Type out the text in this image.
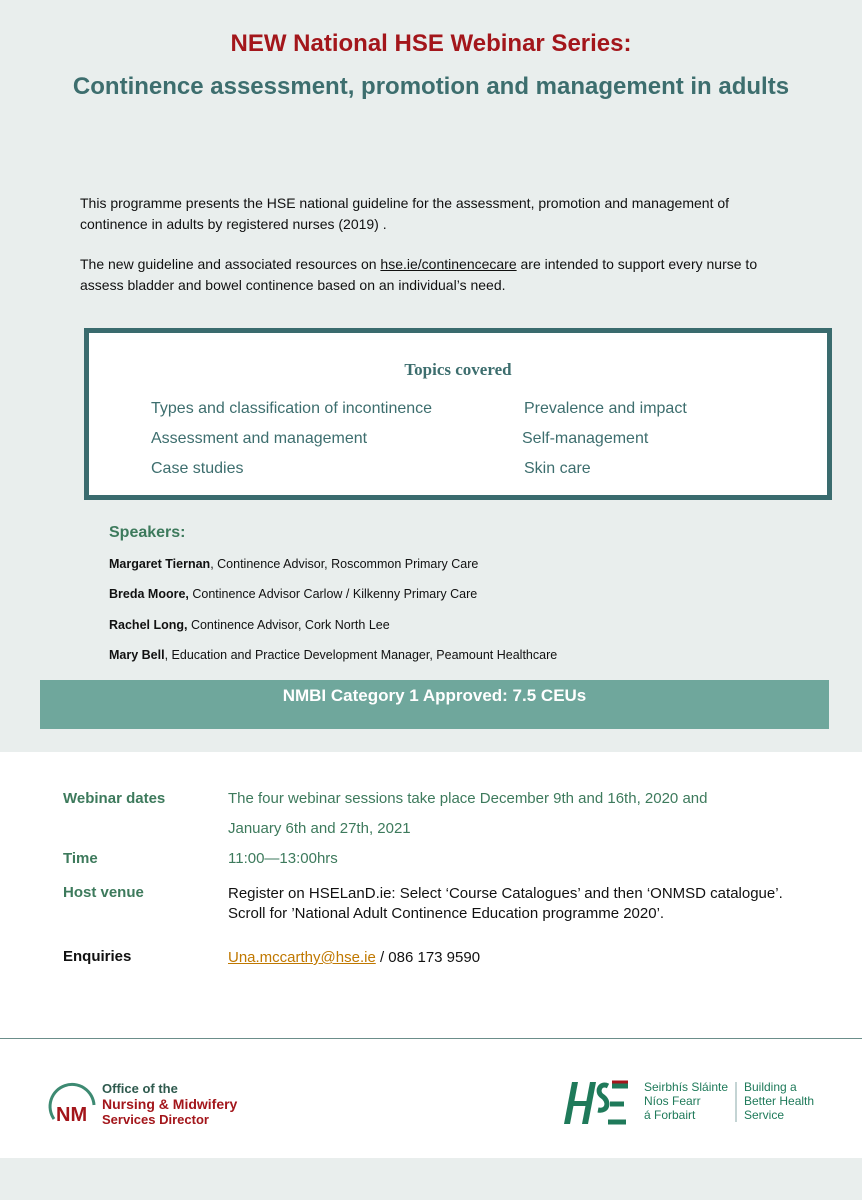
NEW National HSE Webinar Series:
Continence assessment, promotion and management in adults
This programme presents the HSE national guideline for the assessment, promotion and management of continence in adults by registered nurses (2019) .
The new guideline and associated resources on hse.ie/continencecare are intended to support every nurse to assess bladder and bowel continence based on an individual’s need.
Topics covered
Types and classification of incontinence	Prevalence and impact
Assessment and management	Self-management
Case studies	Skin care
Speakers:
Margaret Tiernan, Continence Advisor, Roscommon Primary Care
Breda Moore, Continence Advisor Carlow / Kilkenny Primary Care
Rachel Long, Continence Advisor, Cork North Lee
Mary Bell, Education and Practice Development Manager, Peamount Healthcare
NMBI Category 1 Approved: 7.5 CEUs
Webinar dates	The four webinar sessions take place December 9th and 16th, 2020 and
January 6th and 27th, 2021
Time	11:00—13:00hrs
Host venue	Register on HSELanD.ie: Select ‘Course Catalogues’ and then ‘ONMSD catalogue’.
Scroll for ’National Adult Continence Education programme 2020’.
Enquiries	Una.mccarthy@hse.ie / 086 173 9590
NM
Office of the
Nursing & Midwifery
Services Director
Seirbhís Sláinte
Níos Fearr
á Forbairt
Building a
Better Health
Service
